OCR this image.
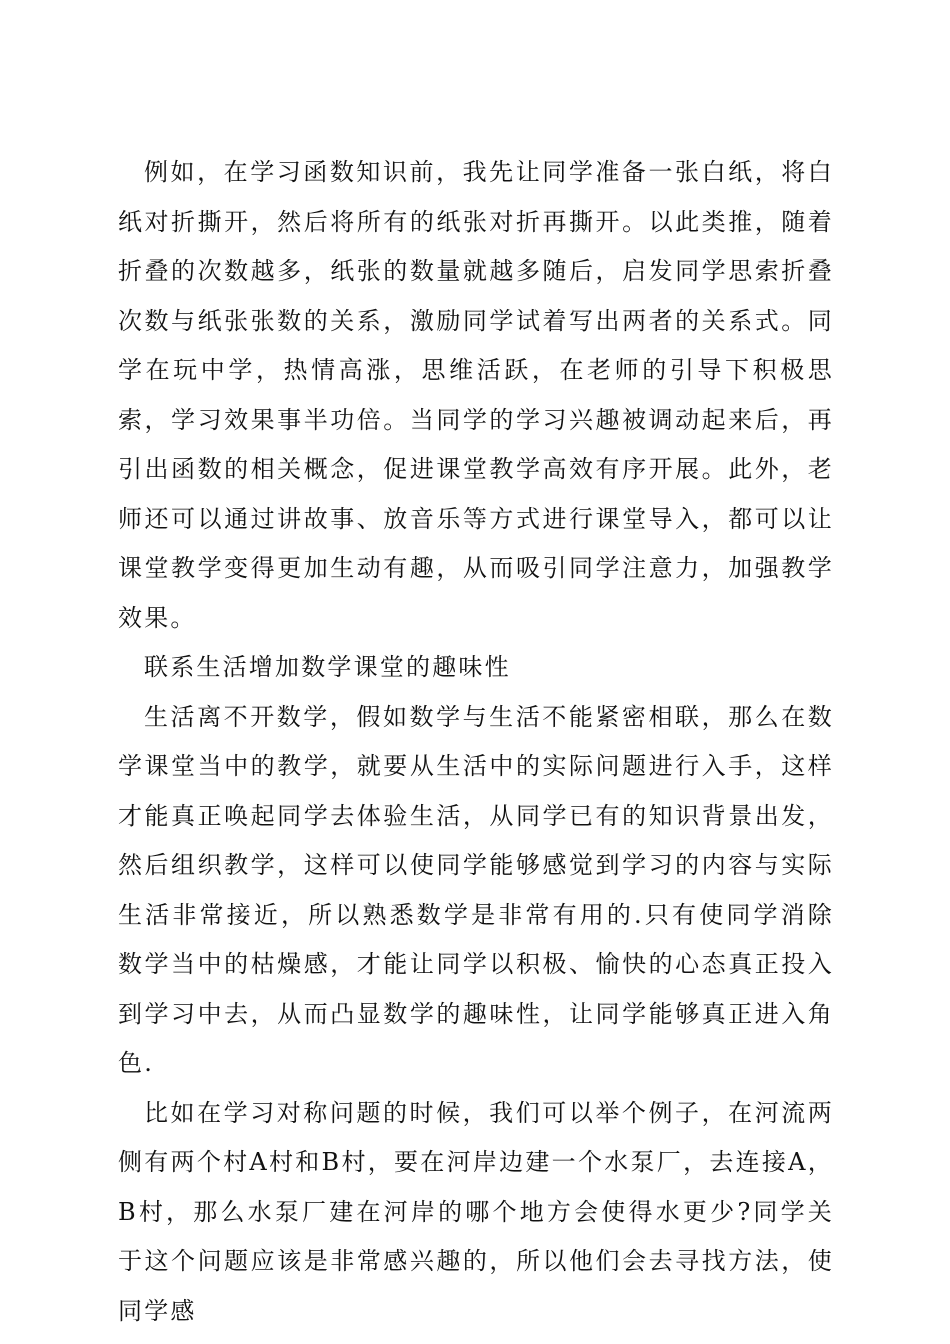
例如，在学习函数知识前，我先让同学准备一张白纸，将白纸对折撕开，然后将所有的纸张对折再撕开。以此类推，随着折叠的次数越多，纸张的数量就越多随后，启发同学思索折叠次数与纸张张数的关系，激励同学试着写出两者的关系式。同学在玩中学，热情高涨，思维活跃，在老师的引导下积极思索，学习效果事半功倍。当同学的学习兴趣被调动起来后，再引出函数的相关概念，促进课堂教学高效有序开展。此外，老师还可以通过讲故事、放音乐等方式进行课堂导入，都可以让课堂教学变得更加生动有趣，从而吸引同学注意力，加强教学效果。

联系生活增加数学课堂的趣味性

生活离不开数学，假如数学与生活不能紧密相联，那么在数学课堂当中的教学，就要从生活中的实际问题进行入手，这样才能真正唤起同学去体验生活，从同学已有的知识背景出发，然后组织教学，这样可以使同学能够感觉到学习的内容与实际生活非常接近，所以熟悉数学是非常有用的.只有使同学消除数学当中的枯燥感，才能让同学以积极、愉快的心态真正投入到学习中去，从而凸显数学的趣味性，让同学能够真正进入角色.

比如在学习对称问题的时候，我们可以举个例子，在河流两侧有两个村A村和B村，要在河岸边建一个水泵厂，去连接A，B村，那么水泵厂建在河岸的哪个地方会使得水更少?同学关于这个问题应该是非常感兴趣的，所以他们会去寻找方法，使同学感
